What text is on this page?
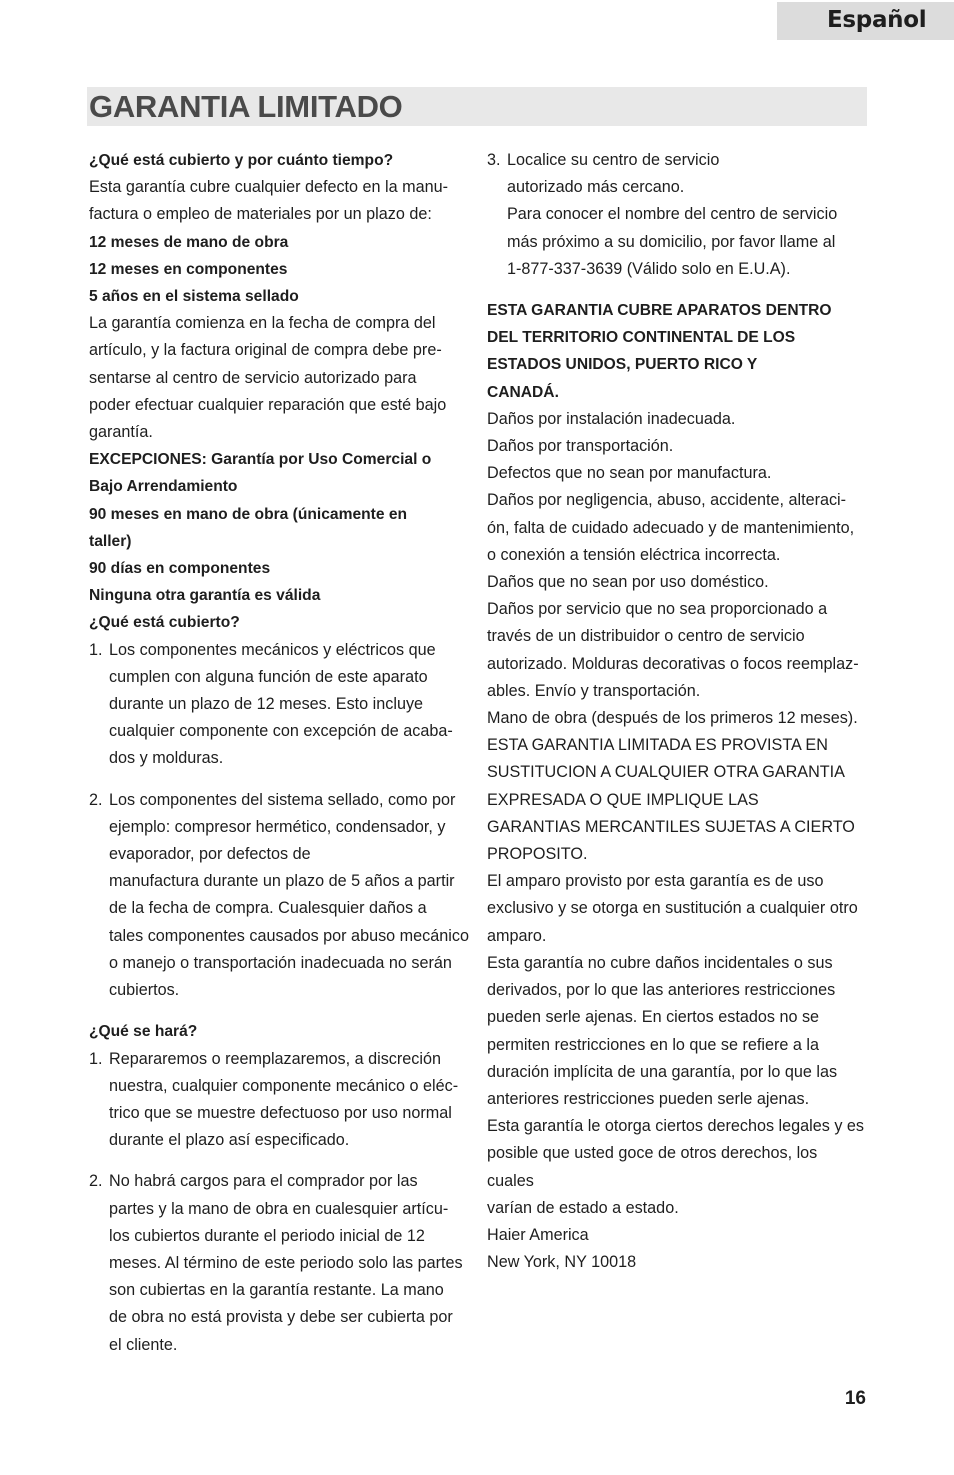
Español
GARANTIA LIMITADO

¿Qué está cubierto y por cuánto tiempo?

Esta garantía cubre cualquier defecto en la manu-

factura o empleo de materiales por un plazo de:

12 meses de mano de obra

12 meses en componentes

5 años en el sistema sellado

La garantía comienza en la fecha de compra del

artículo, y la factura original de compra debe pre-

sentarse al centro de servicio autorizado para

poder efectuar cualquier reparación que esté bajo

garantía.

EXCEPCIONES: Garantía por Uso Comercial o

Bajo Arrendamiento

90 meses en mano de obra (únicamente en

taller)

90 días en componentes

Ninguna otra garantía es válida

¿Qué está cubierto?

1. Los componentes mecánicos y eléctricos que

cumplen con alguna función de este aparato

durante un plazo de 12 meses. Esto incluye

cualquier componente con excepción de acaba-

dos y molduras.

2. Los componentes del sistema sellado, como por

ejemplo: compresor hermético, condensador, y

evaporador, por defectos de

manufactura durante un plazo de 5 años a partir

de la fecha de compra. Cualesquier daños a

tales componentes causados por abuso mecánico

o manejo o transportación inadecuada no serán

cubiertos.

¿Qué se hará?

1. Repararemos o reemplazaremos, a discreción

nuestra, cualquier componente mecánico o eléc-

trico que se muestre defectuoso por uso normal

durante el plazo así especificado.

2. No habrá cargos para el comprador por las

partes y la mano de obra en cualesquier artícu-

los cubiertos durante el periodo inicial de 12

meses. Al término de este periodo solo las partes

son cubiertas en la garantía restante. La mano

de obra no está provista y debe ser cubierta por

el cliente.

3. Localice su centro de servicio

autorizado más cercano.

Para conocer el nombre del centro de servicio

más próximo a su domicilio, por favor llame al

1-877-337-3639 (Válido solo en E.U.A).

ESTA GARANTIA CUBRE APARATOS DENTRO

DEL TERRITORIO CONTINENTAL DE LOS

ESTADOS UNIDOS, PUERTO RICO Y

CANADÁ.

Daños por instalación inadecuada.

Daños por transportación.

Defectos que no sean por manufactura.

Daños por negligencia, abuso, accidente, alteraci-

ón, falta de cuidado adecuado y de mantenimiento,

o conexión a tensión eléctrica incorrecta.

Daños que no sean por uso doméstico.

Daños por servicio que no sea proporcionado a

través de un distribuidor o centro de servicio

autorizado. Molduras decorativas o focos reemplaz-

ables. Envío y transportación.

Mano de obra (después de los primeros 12 meses).

ESTA GARANTIA LIMITADA ES PROVISTA EN

SUSTITUCION A CUALQUIER OTRA GARANTIA

EXPRESADA O QUE IMPLIQUE LAS

GARANTIAS MERCANTILES SUJETAS A CIERTO

PROPOSITO.

El amparo provisto por esta garantía es de uso

exclusivo y se otorga en sustitución a cualquier otro

amparo.

Esta garantía no cubre daños incidentales o sus

derivados, por lo que las anteriores restricciones

pueden serle ajenas. En ciertos estados no se

permiten restricciones en lo que se refiere a la

duración implícita de una garantía, por lo que las

anteriores restricciones pueden serle ajenas.

Esta garantía le otorga ciertos derechos legales y es

posible que usted goce de otros derechos, los cuales

varían de estado a estado.

Haier America

New York, NY 10018

16
